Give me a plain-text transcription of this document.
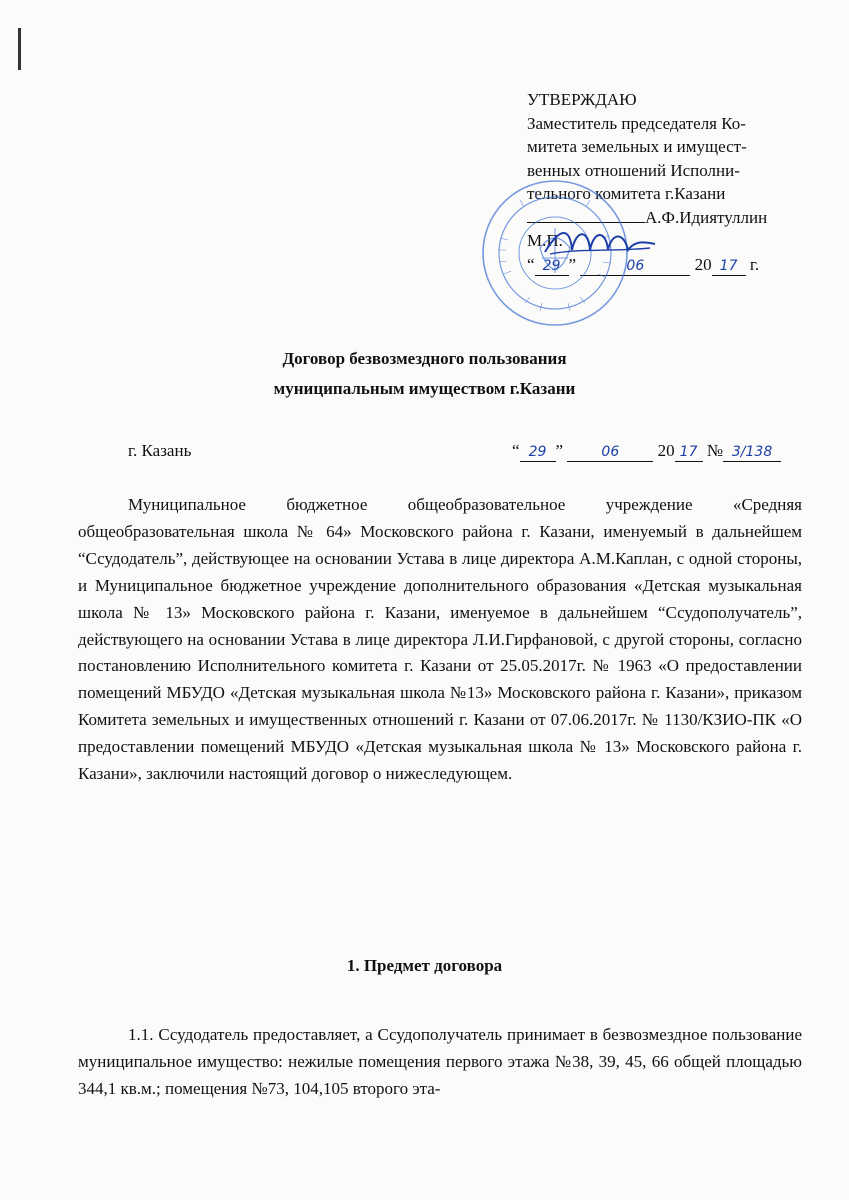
УТВЕРЖДАЮ
Заместитель председателя Ко-
митета земельных и имущест-
венных отношений Исполни-
тельного комитета г.Казани
А.Ф.Идиятуллин
М.П.
“ 29 ”	06	20 17 г.
Договор безвозмездного пользования
муниципальным имуществом г.Казани
г. Казань	“ 29 ” 06 20 17 № 3/138
Муниципальное бюджетное общеобразовательное учреждение «Средняя общеобразовательная школа № 64» Московского района г. Казани, именуемый в дальнейшем “Ссудодатель”, действующее на основании Устава в лице директора А.М.Каплан, с одной стороны, и Муниципальное бюджетное учреждение дополнительного образования «Детская музыкальная школа № 13» Московского района г. Казани, именуемое в дальнейшем “Ссудополучатель”, действующего на основании Устава в лице директора Л.И.Гирфановой, с другой стороны, согласно постановлению Исполнительного комитета г. Казани от 25.05.2017г. № 1963 «О предоставлении помещений МБУДО «Детская музыкальная школа №13» Московского района г. Казани», приказом Комитета земельных и имущественных отношений г. Казани от 07.06.2017г. № 1130/КЗИО-ПК «О предоставлении помещений МБУДО «Детская музыкальная школа № 13» Московского района г. Казани», заключили настоящий договор о нижеследующем.
1. Предмет договора
1.1. Ссудодатель предоставляет, а Ссудополучатель принимает в безвозмездное пользование муниципальное имущество: нежилые помещения первого этажа №38, 39, 45, 66 общей площадью 344,1 кв.м.; помещения №73, 104,105 второго эта-
